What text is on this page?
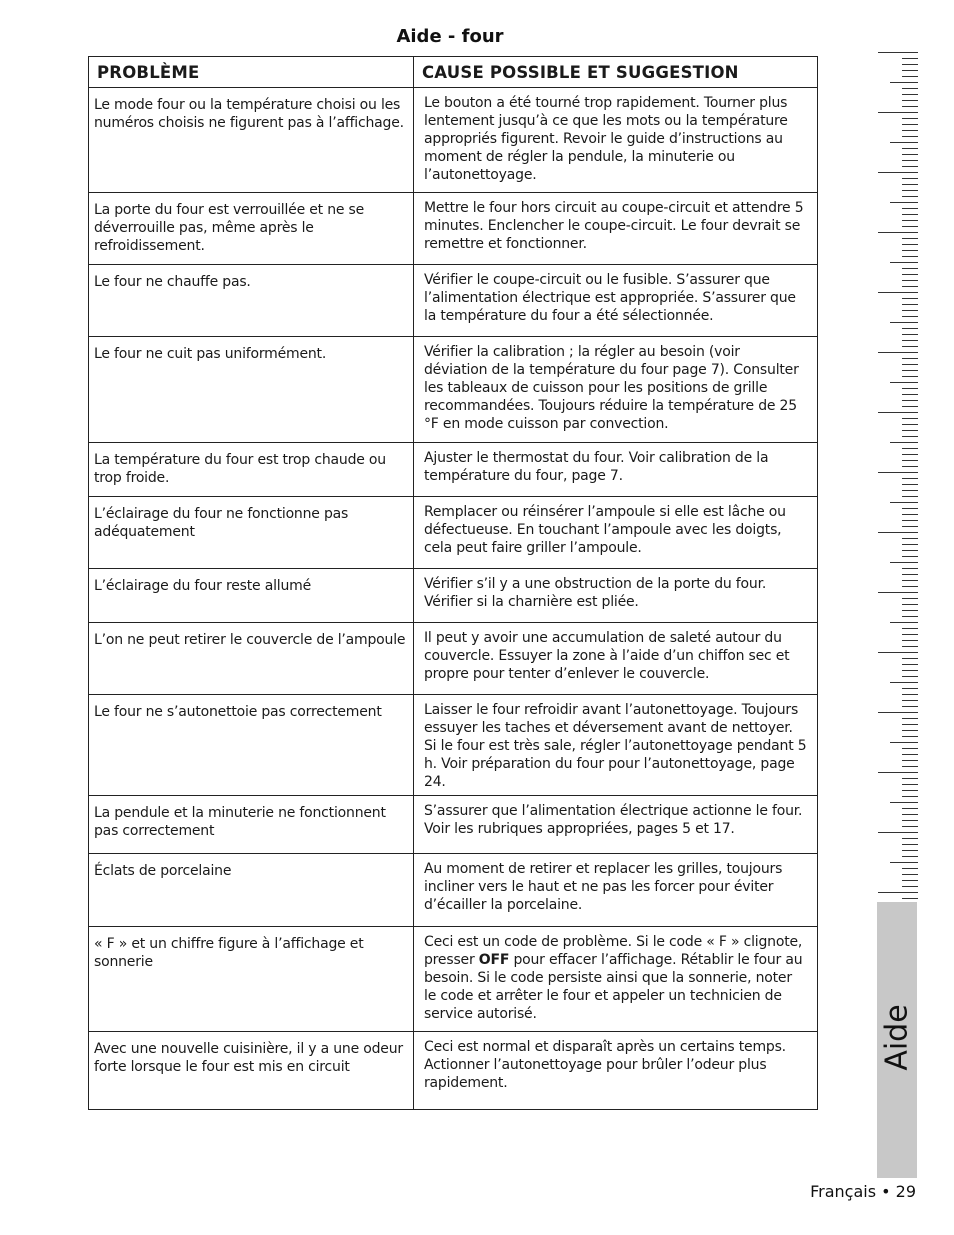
Aide - four
PROBLÈME	CAUSE POSSIBLE ET SUGGESTION

Le mode four ou la température choisi ou les numéros choisis ne figurent pas à l’affichage.	Le bouton a été tourné trop rapidement. Tourner plus lentement jusqu’à ce que les mots ou la température appropriés figurent. Revoir le guide d’instructions au moment de régler la pendule, la minuterie ou l’autonettoyage.

La porte du four est verrouillée et ne se déverrouille pas, même après le refroidissement.	Mettre le four hors circuit au coupe-circuit et attendre 5 minutes. Enclencher le coupe-circuit. Le four devrait se remettre et fonctionner.

Le four ne chauffe pas.	Vérifier le coupe-circuit ou le fusible. S’assurer que l’alimentation électrique est appropriée. S’assurer que la température du four a été sélectionnée.

Le four ne cuit pas uniformément.	Vérifier la calibration ; la régler au besoin (voir déviation de la température du four page 7). Consulter les tableaux de cuisson pour les positions de grille recommandées. Toujours réduire la température de 25 °F en mode cuisson par convection.

La température du four est trop chaude ou trop froide.	Ajuster le thermostat du four. Voir calibration de la température du four, page 7.

L’éclairage du four ne fonctionne pas adéquatement	Remplacer ou réinsérer l’ampoule si elle est lâche ou défectueuse. En touchant l’ampoule avec les doigts, cela peut faire griller l’ampoule.

L’éclairage du four reste allumé	Vérifier s’il y a une obstruction de la porte du four. Vérifier si la charnière est pliée.

L’on ne peut retirer le couvercle de l’ampoule	Il peut y avoir une accumulation de saleté autour du couvercle. Essuyer la zone à l’aide d’un chiffon sec et propre pour tenter d’enlever le couvercle.

Le four ne s’autonettoie pas correctement	Laisser le four refroidir avant l’autonettoyage. Toujours essuyer les taches et déversement avant de nettoyer. Si le four est très sale, régler l’autonettoyage pendant 5 h. Voir préparation du four pour l’autonettoyage, page 24.

La pendule et la minuterie ne fonctionnent pas correctement	S’assurer que l’alimentation électrique actionne le four. Voir les rubriques appropriées, pages 5 et 17.

Éclats de porcelaine	Au moment de retirer et replacer les grilles, toujours incliner vers le haut et ne pas les forcer pour éviter d’écailler la porcelaine.

« F » et un chiffre figure à l’affichage et sonnerie	Ceci est un code de problème. Si le code « F » clignote, presser OFF pour effacer l’affichage. Rétablir le four au besoin. Si le code persiste ainsi que la sonnerie, noter le code et arrêter le four et appeler un technicien de service autorisé.

Avec une nouvelle cuisinière, il y a une odeur forte lorsque le four est mis en circuit	Ceci est normal et disparaît après un certains temps. Actionner l’autonettoyage pour brûler l’odeur plus rapidement.
Aide
Français • 29
